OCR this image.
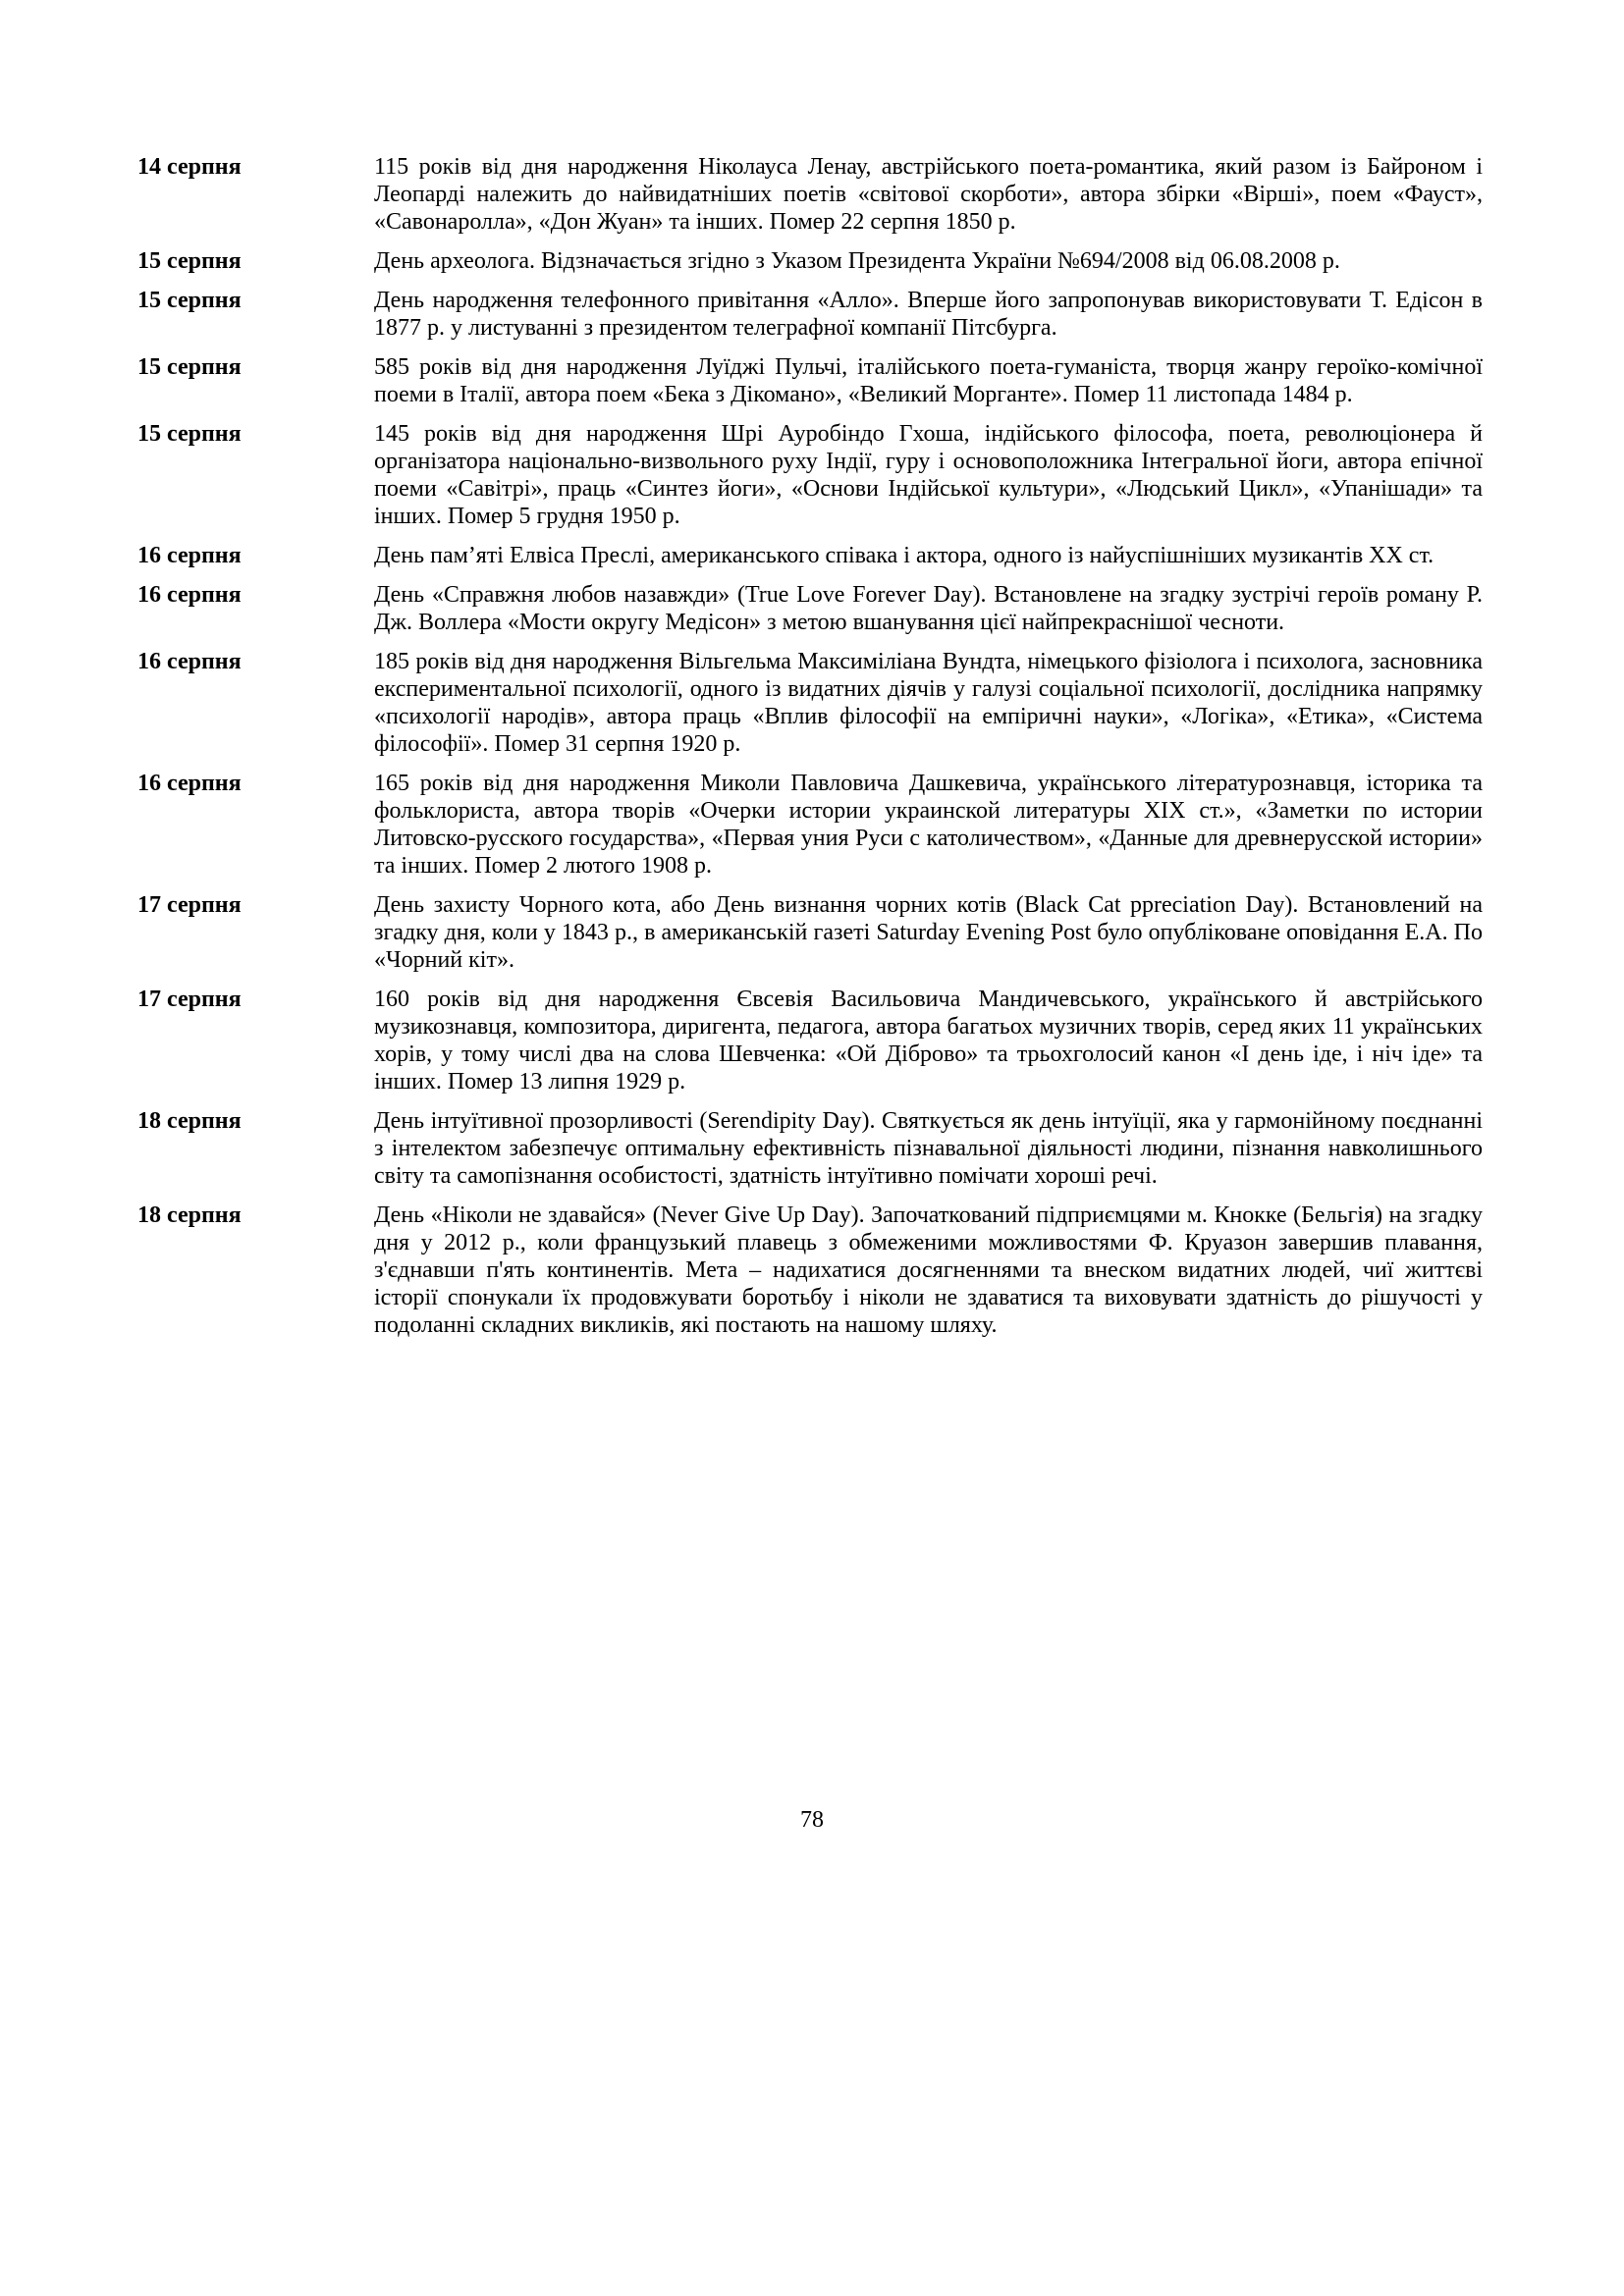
14 серпня	115 років від дня народження Ніколауса Ленау, австрійського поета-романтика, який разом із Байроном і Леопарді належить до найвидатніших поетів «світової скорботи», автора збірки «Вірші», поем «Фауст», «Савонаролла», «Дон Жуан» та інших. Помер 22 серпня 1850 р.
15 серпня	День археолога. Відзначається згідно з Указом Президента України №694/2008 від 06.08.2008 р.
15 серпня	День народження телефонного привітання «Алло». Вперше його запропонував використовувати Т. Едісон в 1877 р. у листуванні з президентом телеграфної компанії Пітсбурга.
15 серпня	585 років від дня народження Луїджі Пульчі, італійського поета-гуманіста, творця жанру героїко-комічної поеми в Італії, автора поем «Бека з Дікомано», «Великий Морганте». Помер 11 листопада 1484 р.
15 серпня	145 років від дня народження Шрі Ауробіндо Гхоша, індійського філософа, поета, революціонера й організатора національно-визвольного руху Індії, гуру і основоположника Інтегральної йоги, автора епічної поеми «Савітрі», праць «Синтез йоги», «Основи Індійської культури», «Людський Цикл», «Упанішади» та інших. Помер 5 грудня 1950 р.
16 серпня	День пам’яті Елвіса Преслі, американського співака і актора, одного із найуспішніших музикантів ХХ ст.
16 серпня	День «Справжня любов назавжди» (True Love Forever Day). Встановлене на згадку зустрічі героїв роману Р. Дж. Воллера «Мости округу Медісон» з метою вшанування цієї найпрекраснішої чесноти.
16 серпня	185 років від дня народження Вільгельма Максиміліана Вундта, німецького фізіолога і психолога, засновника експериментальної психології, одного із видатних діячів у галузі соціальної психології, дослідника напрямку «психології народів», автора праць «Вплив філософії на емпіричні науки», «Логіка», «Етика», «Система філософії». Помер 31 серпня 1920 р.
16 серпня	165 років від дня народження Миколи Павловича Дашкевича, українського літературознавця, історика та фольклориста, автора творів «Очерки истории украинской литературы XIX ст.», «Заметки по истории Литовско-русского государства», «Первая уния Руси с католичеством», «Данные для древнерусской истории» та інших. Помер 2 лютого 1908 р.
17 серпня	День захисту Чорного кота, або День визнання чорних котів (Black Cat ppreciation Day). Встановлений на згадку дня, коли у 1843 р., в американській газеті Saturday Evening Post було опубліковане оповідання Е.А. По «Чорний кіт».
17 серпня	160 років від дня народження Євсевія Васильовича Мандичевського, українського й австрійського музикознавця, композитора, диригента, педагога, автора багатьох музичних творів, серед яких 11 українських хорів, у тому числі два на слова Шевченка: «Ой Діброво» та трьохголосий канон «І день іде, і ніч іде» та інших. Помер 13 липня 1929 р.
18 серпня	День інтуїтивної прозорливості (Serendipity Day). Святкується як день інтуїції, яка у гармонійному поєднанні з інтелектом забезпечує оптимальну ефективність пізнавальної діяльності людини, пізнання навколишнього світу та самопізнання особистості, здатність інтуїтивно помічати хороші речі.
18 серпня	День «Ніколи не здавайся» (Never Give Up Day). Започаткований підприємцями м. Кнокке (Бельгія) на згадку дня у 2012 р., коли французький плавець з обмеженими можливостями Ф. Круазон завершив плавання, з'єднавши п'ять континентів. Мета – надихатися досягненнями та внеском видатних людей, чиї життєві історії спонукали їх продовжувати боротьбу і ніколи не здаватися та виховувати здатність до рішучості у подоланні складних викликів, які постають на нашому шляху.
78
